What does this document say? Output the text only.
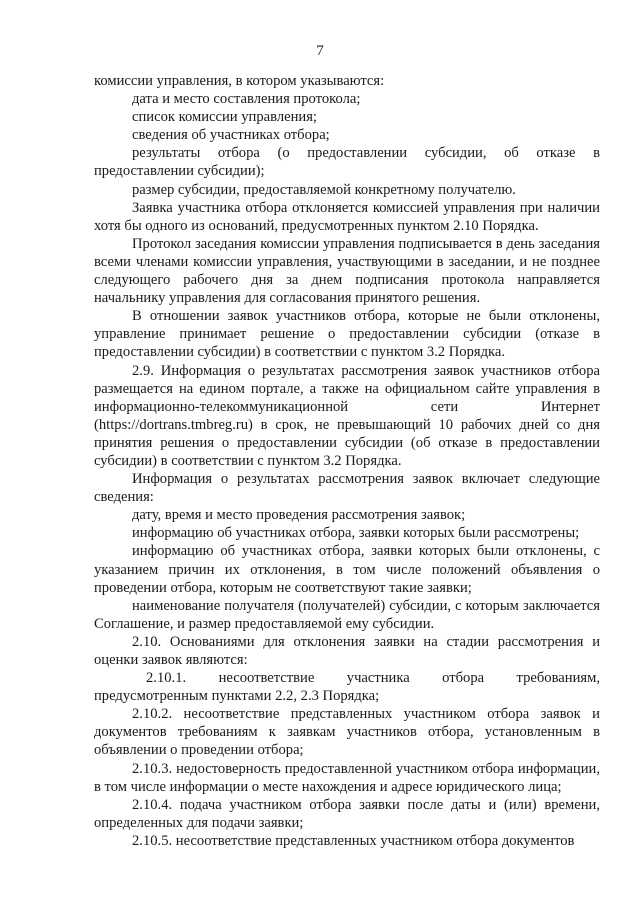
7

комиссии управления, в котором указываются:

дата и место составления протокола;

список комиссии управления;

сведения об участниках отбора;

результаты отбора (о предоставлении субсидии, об отказе в предоставлении субсидии);

размер субсидии, предоставляемой конкретному получателю.

Заявка участника отбора отклоняется комиссией управления при наличии хотя бы одного из оснований, предусмотренных пунктом 2.10 Порядка.

Протокол заседания комиссии управления подписывается в день заседания всеми членами комиссии управления, участвующими в заседании, и не позднее следующего рабочего дня за днем подписания протокола направляется начальнику управления для согласования принятого решения.

В отношении заявок участников отбора, которые не были отклонены, управление принимает решение о предоставлении субсидии (отказе в предоставлении субсидии) в соответствии с пунктом 3.2 Порядка.

2.9. Информация о результатах рассмотрения заявок участников отбора размещается на едином портале, а также на официальном сайте управления в информационно-телекоммуникационной сети Интернет (https://dortrans.tmbreg.ru) в срок, не превышающий 10 рабочих дней со дня принятия решения о предоставлении субсидии (об отказе в предоставлении субсидии) в соответствии с пунктом 3.2 Порядка.

Информация о результатах рассмотрения заявок включает следующие сведения:

дату, время и место проведения рассмотрения заявок;

информацию об участниках отбора, заявки которых были рассмотрены;

информацию об участниках отбора, заявки которых были отклонены, с указанием причин их отклонения, в том числе положений объявления о проведении отбора, которым не соответствуют такие заявки;

наименование получателя (получателей) субсидии, с которым заключается Соглашение, и размер предоставляемой ему субсидии.

2.10. Основаниями для отклонения заявки на стадии рассмотрения и оценки заявок являются:

2.10.1. несоответствие участника отбора требованиям, предусмотренным пунктами 2.2, 2.3 Порядка;

2.10.2. несоответствие представленных участником отбора заявок и документов требованиям к заявкам участников отбора, установленным в объявлении о проведении отбора;

2.10.3. недостоверность предоставленной участником отбора информации, в том числе информации о месте нахождения и адресе юридического лица;

2.10.4. подача участником отбора заявки после даты и (или) времени, определенных для подачи заявки;

2.10.5. несоответствие представленных участником отбора документов
